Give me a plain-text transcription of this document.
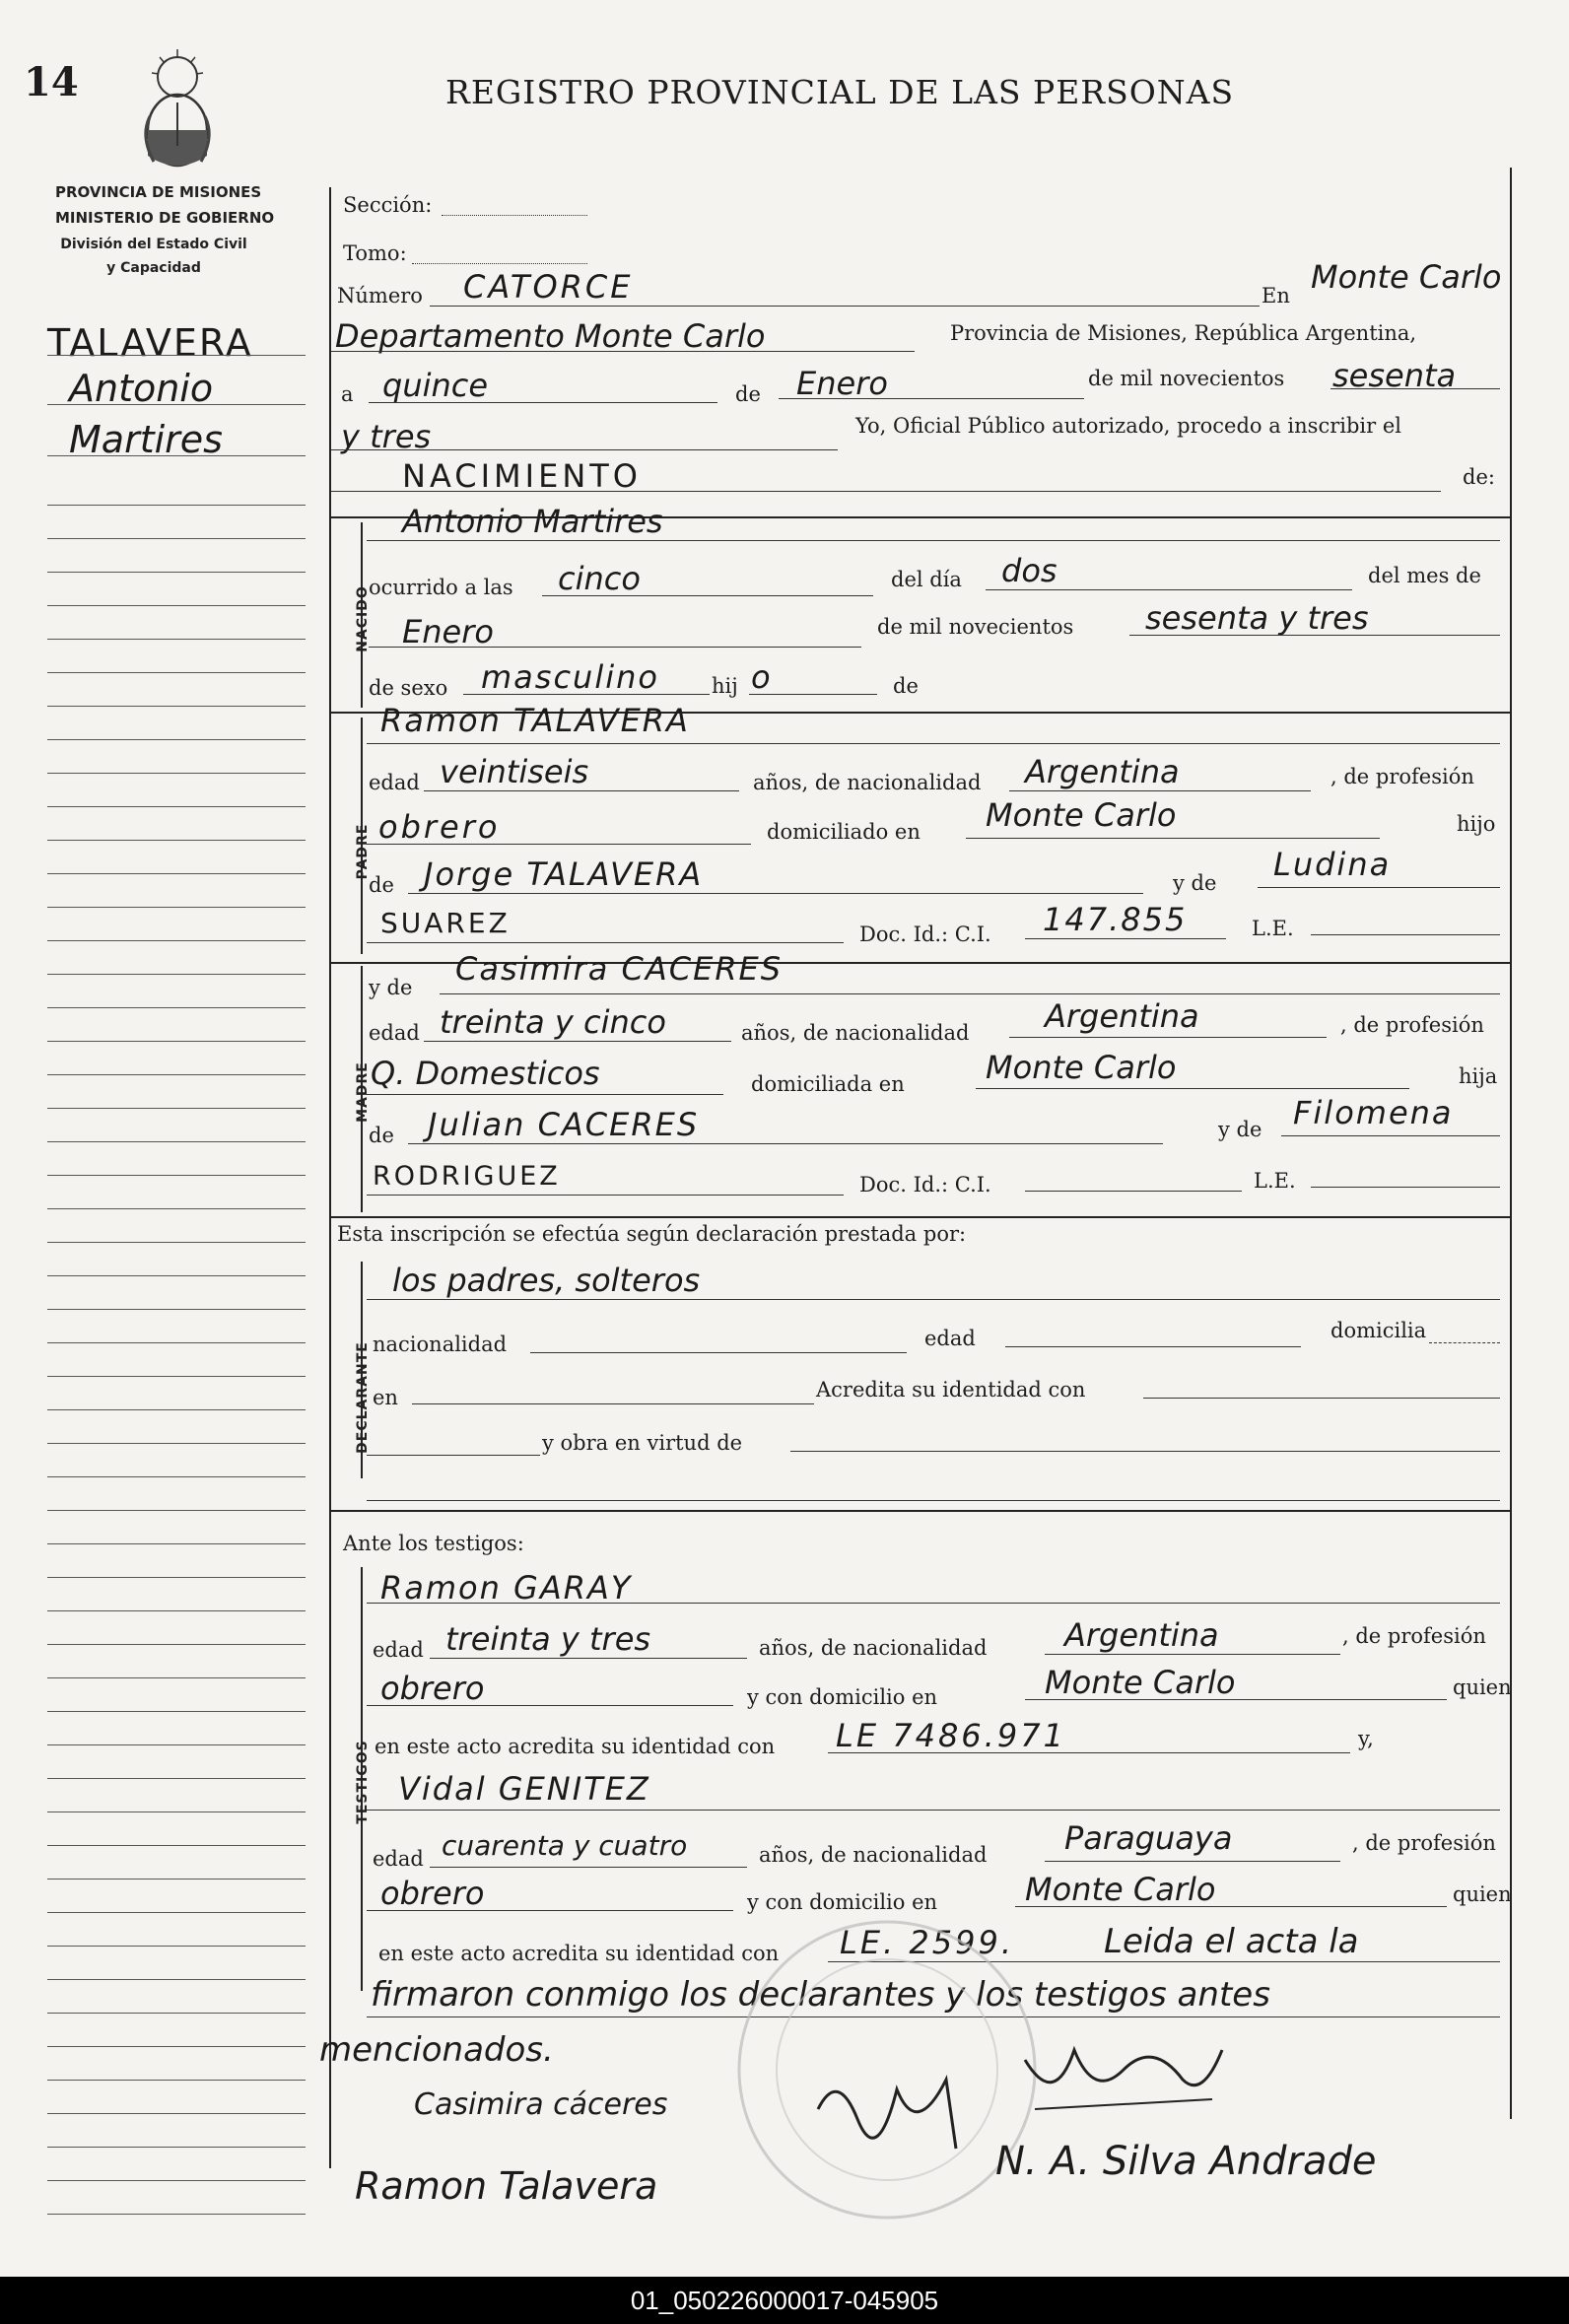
14	REGISTRO PROVINCIAL DE LAS PERSONAS
PROVINCIA DE MISIONES
MINISTERIO DE GOBIERNO
División del Estado Civil
y Capacidad
TALAVERA
Antonio
Martires
Sección:
Tomo:
Número CATORCE	En Monte Carlo
Departamento Monte Carlo	Provincia de Misiones, República Argentina,
a quince	de Enero	de mil novecientos sesenta
y tres	Yo, Oficial Público autorizado, procedo a inscribir el
NACIMIENTO	de:
NACIDO
Antonio Martires
ocurrido a las cinco	del día dos	del mes de
Enero	de mil novecientos sesenta y tres
de sexo masculino	hij o	de
PADRE
Ramon TALAVERA
edad veintiseis	años, de nacionalidad Argentina	, de profesión
obrero	domiciliado en Monte Carlo	hijo
de Jorge TALAVERA	y de Ludina
SUAREZ	Doc. Id.: C.I. 147.855	L.E.
MADRE
y de Casimira CACERES
edad treinta y cinco	años, de nacionalidad Argentina	, de profesión
Q. Domesticos	domiciliada en	Monte Carlo	hija
de Julian CACERES	y de Filomena
RODRIGUEZ	Doc. Id.: C.I.	L.E.
Esta inscripción se efectúa según declaración prestada por:
DECLARANTE
los padres, solteros
nacionalidad	edad	domicilia
en	Acredita su identidad con
y obra en virtud de
Ante los testigos:
TESTIGOS
Ramon GARAY
edad treinta y tres	años, de nacionalidad Argentina	, de profesión
obrero	y con domicilio en	Monte Carlo	quien
en este acto acredita su identidad con LE 7486.971	y,
Vidal GENITEZ
edad cuarenta y cuatro	años, de nacionalidad Paraguaya	, de profesión
obrero	y con domicilio en	Monte Carlo	quien
en este acto acredita su identidad con LE. 2599.	Leida el acta la
firmaron conmigo los declarantes y los testigos antes
mencionados.
Casimira cáceres
Ramon Talavera
N. A. Silva Andrade
01_050226000017-045905
